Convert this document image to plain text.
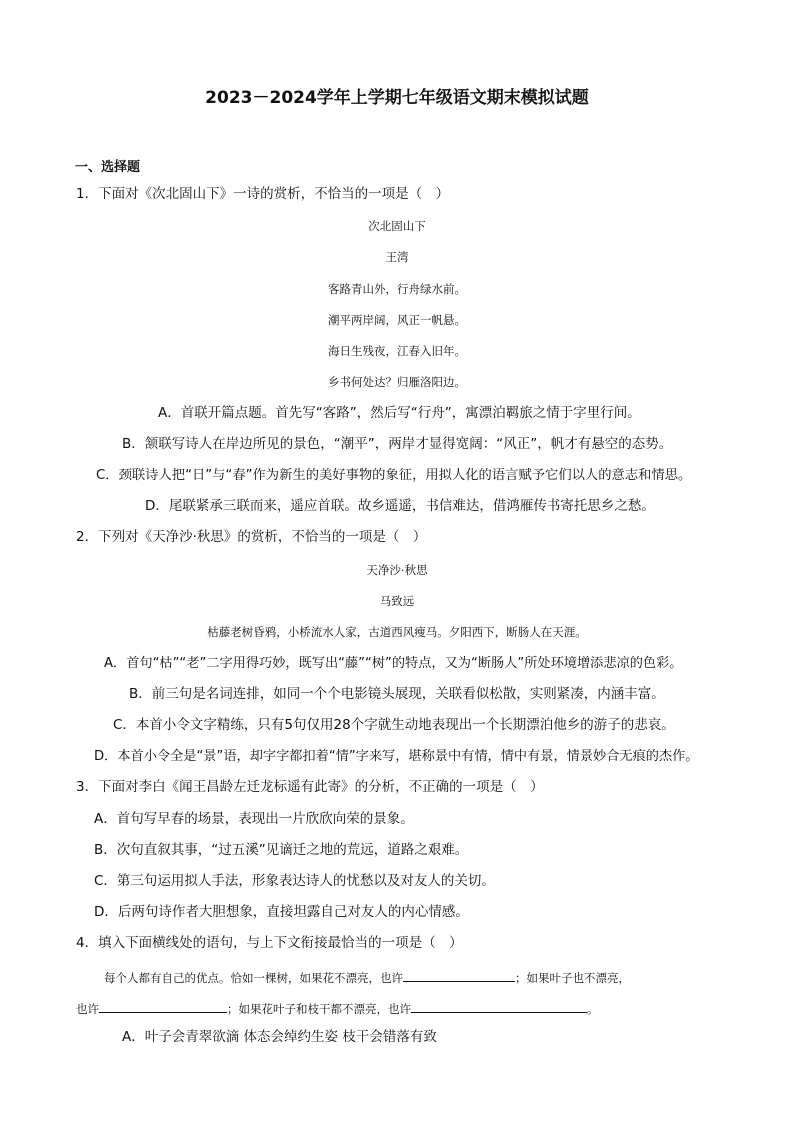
2023－2024学年上学期七年级语文期末模拟试题
一、选择题
1．下面对《次北固山下》一诗的赏析，不恰当的一项是（　）
次北固山下
王湾
客路青山外，行舟绿水前。
潮平两岸阔，风正一帆悬。
海日生残夜，江春入旧年。
乡书何处达？归雁洛阳边。
A．首联开篇点题。首先写“客路”，然后写“行舟”，寓漂泊羁旅之情于字里行间。
B．颔联写诗人在岸边所见的景色，“潮平”，两岸才显得宽阔：“风正”，帆才有悬空的态势。
C．颈联诗人把“日”与“春”作为新生的美好事物的象征，用拟人化的语言赋予它们以人的意志和情思。
D．尾联紧承三联而来，遥应首联。故乡遥遥，书信难达，借鸿雁传书寄托思乡之愁。
2．下列对《天净沙·秋思》的赏析，不恰当的一项是（　）
天净沙·秋思
马致远
枯藤老树昏鸦，小桥流水人家，古道西风瘦马。夕阳西下，断肠人在天涯。
A．首句“枯”“老”二字用得巧妙，既写出“藤”“树”的特点，又为“断肠人”所处环境增添悲凉的色彩。
B．前三句是名词连排，如同一个个电影镜头展现，关联看似松散，实则紧凑，内涵丰富。
C．本首小令文字精练，只有5句仅用28个字就生动地表现出一个长期漂泊他乡的游子的悲哀。
D．本首小令全是“景”语，却字字都扣着“情”字来写，堪称景中有情，情中有景，情景妙合无痕的杰作。
3．下面对李白《闻王昌龄左迁龙标遥有此寄》的分析，不正确的一项是（　）
A．首句写早春的场景，表现出一片欣欣向荣的景象。
B．次句直叙其事，“过五溪”见谪迁之地的荒远，道路之艰难。
C．第三句运用拟人手法，形象表达诗人的忧愁以及对友人的关切。
D．后两句诗作者大胆想象，直接坦露自己对友人的内心情感。
4．填入下面横线处的语句，与上下文衔接最恰当的一项是（　）
每个人都有自己的优点。恰如一棵树，如果花不漂亮，也许	；如果叶子也不漂亮，
也许	；如果花叶子和枝干都不漂亮，也许	。
A．叶子会青翠欲滴 体态会绰约生姿 枝干会错落有致
